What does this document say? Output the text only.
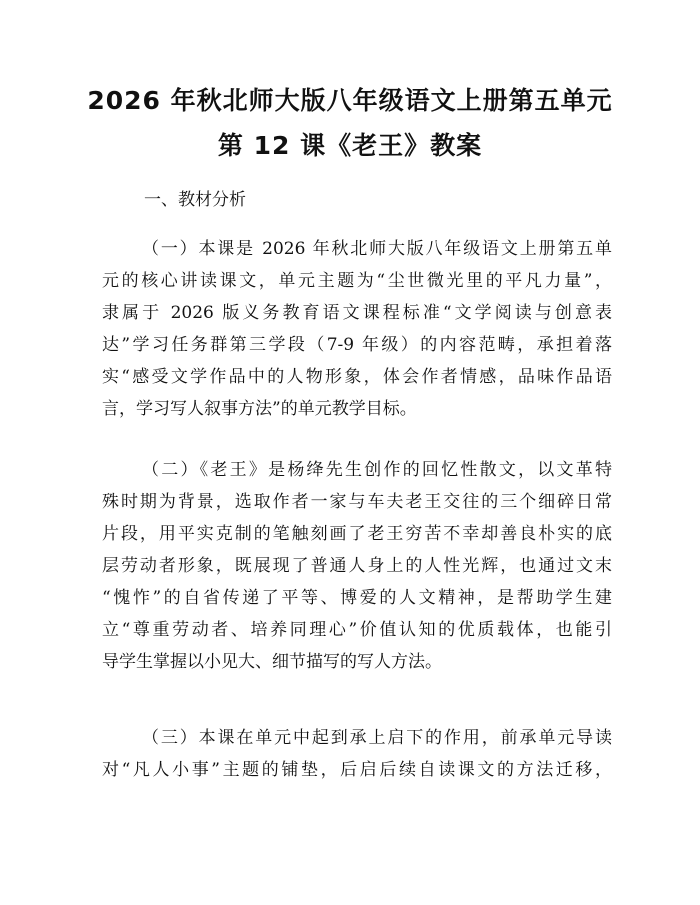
2026 年秋北师大版八年级语文上册第五单元
第 12 课《老王》教案
一、教材分析
（一）本课是 2026 年秋北师大版八年级语文上册第五单
元的核心讲读课文，单元主题为“尘世微光里的平凡力量”，
隶属于 2026 版义务教育语文课程标准“文学阅读与创意表
达”学习任务群第三学段（7-9 年级）的内容范畴，承担着落
实“感受文学作品中的人物形象，体会作者情感，品味作品语
言，学习写人叙事方法”的单元教学目标。
（二）《老王》是杨绛先生创作的回忆性散文，以文革特
殊时期为背景，选取作者一家与车夫老王交往的三个细碎日常
片段，用平实克制的笔触刻画了老王穷苦不幸却善良朴实的底
层劳动者形象，既展现了普通人身上的人性光辉，也通过文末
“愧怍”的自省传递了平等、博爱的人文精神，是帮助学生建
立“尊重劳动者、培养同理心”价值认知的优质载体，也能引
导学生掌握以小见大、细节描写的写人方法。
（三）本课在单元中起到承上启下的作用，前承单元导读
对“凡人小事”主题的铺垫，后启后续自读课文的方法迁移，
